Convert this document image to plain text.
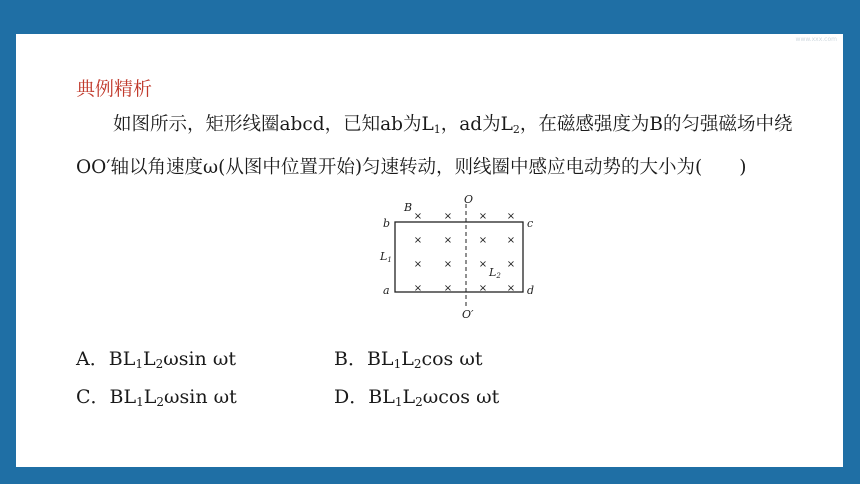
www.xxx.com
典例精析

如图所示，矩形线圈abcd，已知ab为$L_1$，ad为$L_2$，在磁感强度为B的匀强磁场中绕OO′轴以角速度ω(从图中位置开始)匀速转动，则线圈中感应电动势的大小为(　　)

O
O′
B
b	c
a	d
L1
L2
× ×	× ×
× ×	× ×
× ×	× ×
× ×	× ×
A．$BL_1L_2\omega\sin$ ωt	B．$BL_1L_2\cos$ ωt
C．$BL_1L_2\omega\sin$ ωt	D．$BL_1L_2\omega\cos$ ωt
